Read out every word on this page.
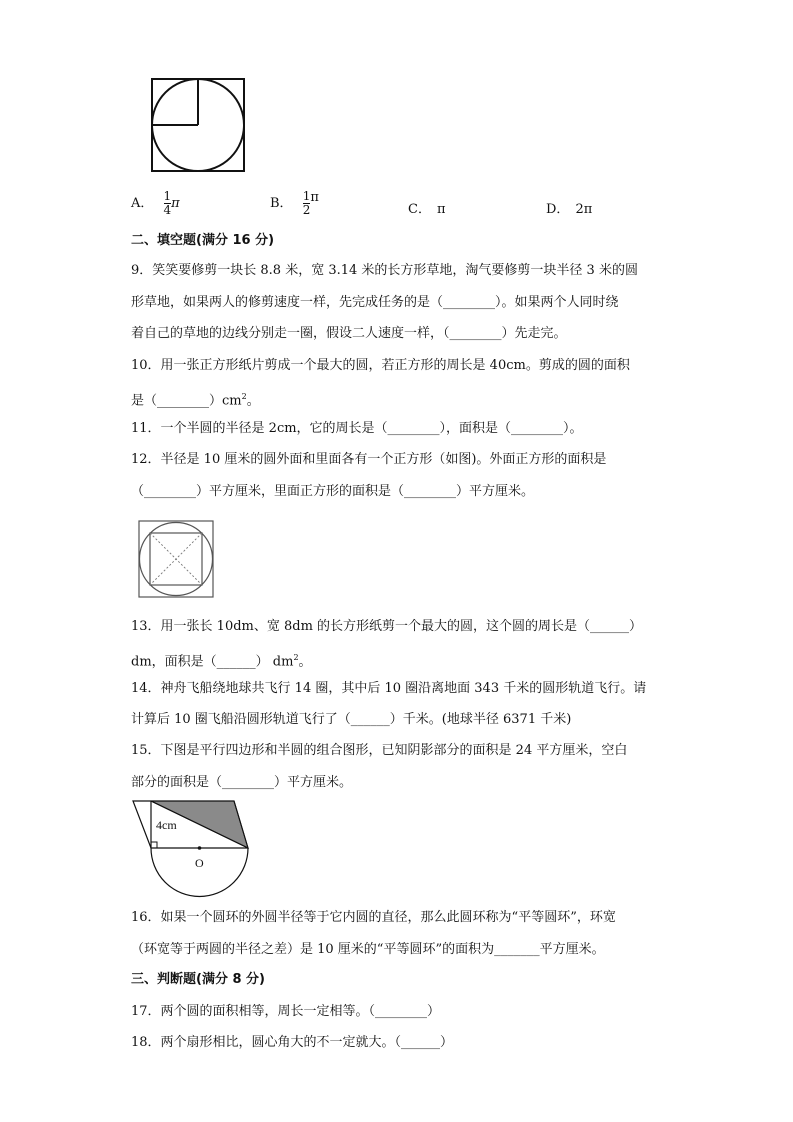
A． $\frac{1}{4}$ π	B． $\frac{1}{2}$ π
C． π	D． 2π
二、填空题(满分 16 分)
9．笑笑要修剪一块长 8.8 米，宽 3.14 米的长方形草地，淘气要修剪一块半径 3 米的圆
形草地，如果两人的修剪速度一样，先完成任务的是（________）。如果两个人同时绕
着自己的草地的边线分别走一圈，假设二人速度一样，（________）先走完。
10．用一张正方形纸片剪成一个最大的圆，若正方形的周长是 40cm。剪成的圆的面积
是$(\_\_\_\_\_\_\_\_)cm^2$。
11．一个半圆的半径是 2cm，它的周长是（________），面积是（________）。
12．半径是 10 厘米的圆外面和里面各有一个正方形（如图)。外面正方形的面积是
（________）平方厘米，里面正方形的面积是（________）平方厘米。
13．用一张长 10dm、宽 8dm 的长方形纸剪一个最大的圆，这个圆的周长是（______）
dm，面积是（______） $dm^2$。
14．神舟飞船绕地球共飞行 14 圈，其中后 10 圈沿离地面 343 千米的圆形轨道飞行。请
计算后 10 圈飞船沿圆形轨道飞行了（______）千米。(地球半径 6371 千米)
15．下图是平行四边形和半圆的组合图形，已知阴影部分的面积是 24 平方厘米，空白
部分的面积是（________）平方厘米。
4cm
O
16．如果一个圆环的外圆半径等于它内圆的直径，那么此圆环称为“平等圆环”，环宽
（环宽等于两圆的半径之差）是 10 厘米的“平等圆环”的面积为_______平方厘米。
三、判断题(满分 8 分)
17．两个圆的面积相等，周长一定相等。（________）
18．两个扇形相比，圆心角大的不一定就大。（______）
